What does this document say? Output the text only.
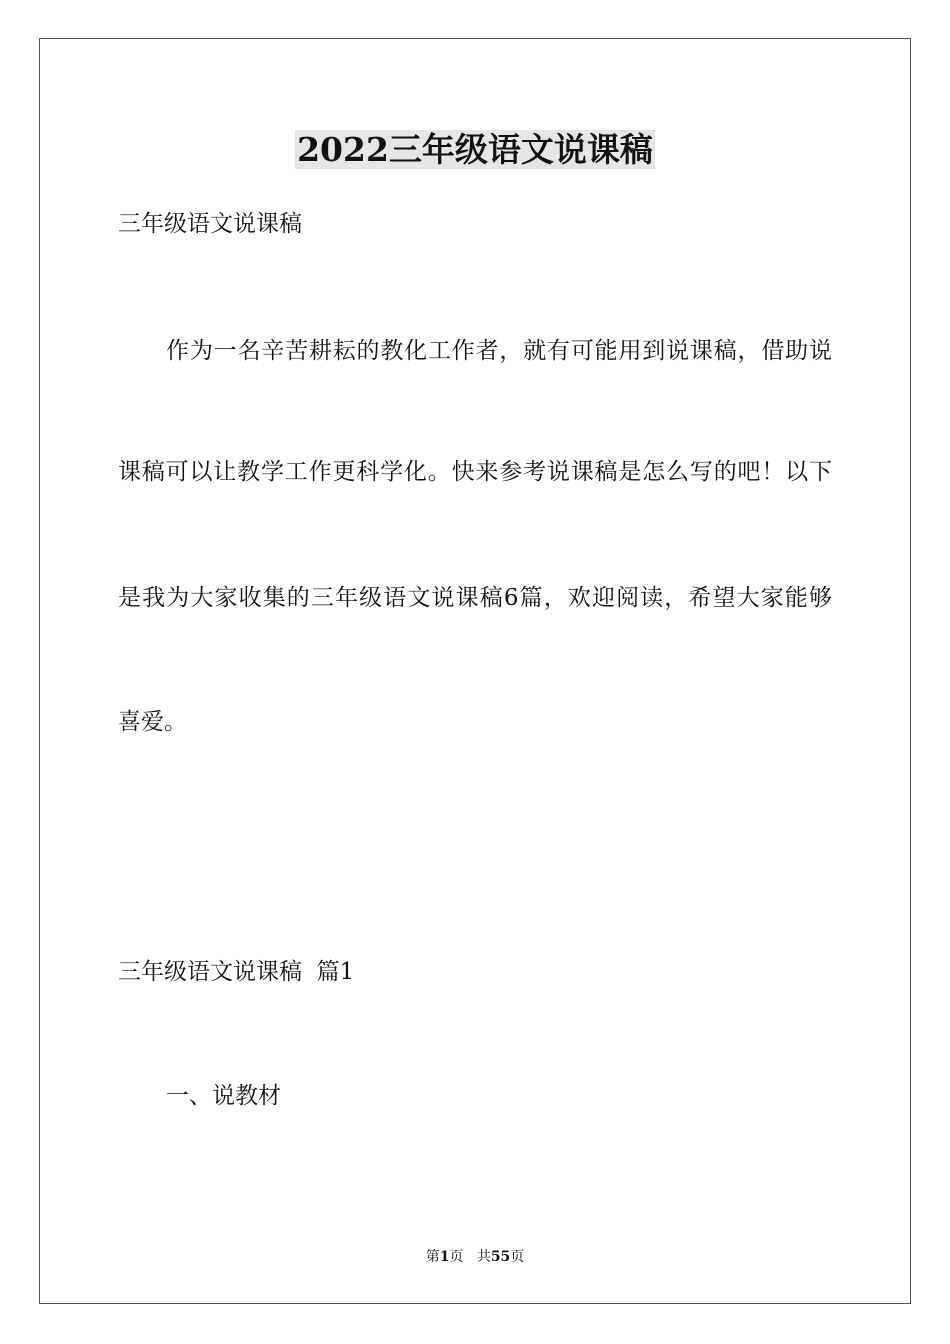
2022三年级语文说课稿
三年级语文说课稿
作为一名辛苦耕耘的教化工作者，就有可能用到说课稿，借助说
课稿可以让教学工作更科学化。快来参考说课稿是怎么写的吧！以下
是我为大家收集的三年级语文说课稿6篇，欢迎阅读，希望大家能够
喜爱。
三年级语文说课稿  篇1
一、说教材
第1页 共55页
